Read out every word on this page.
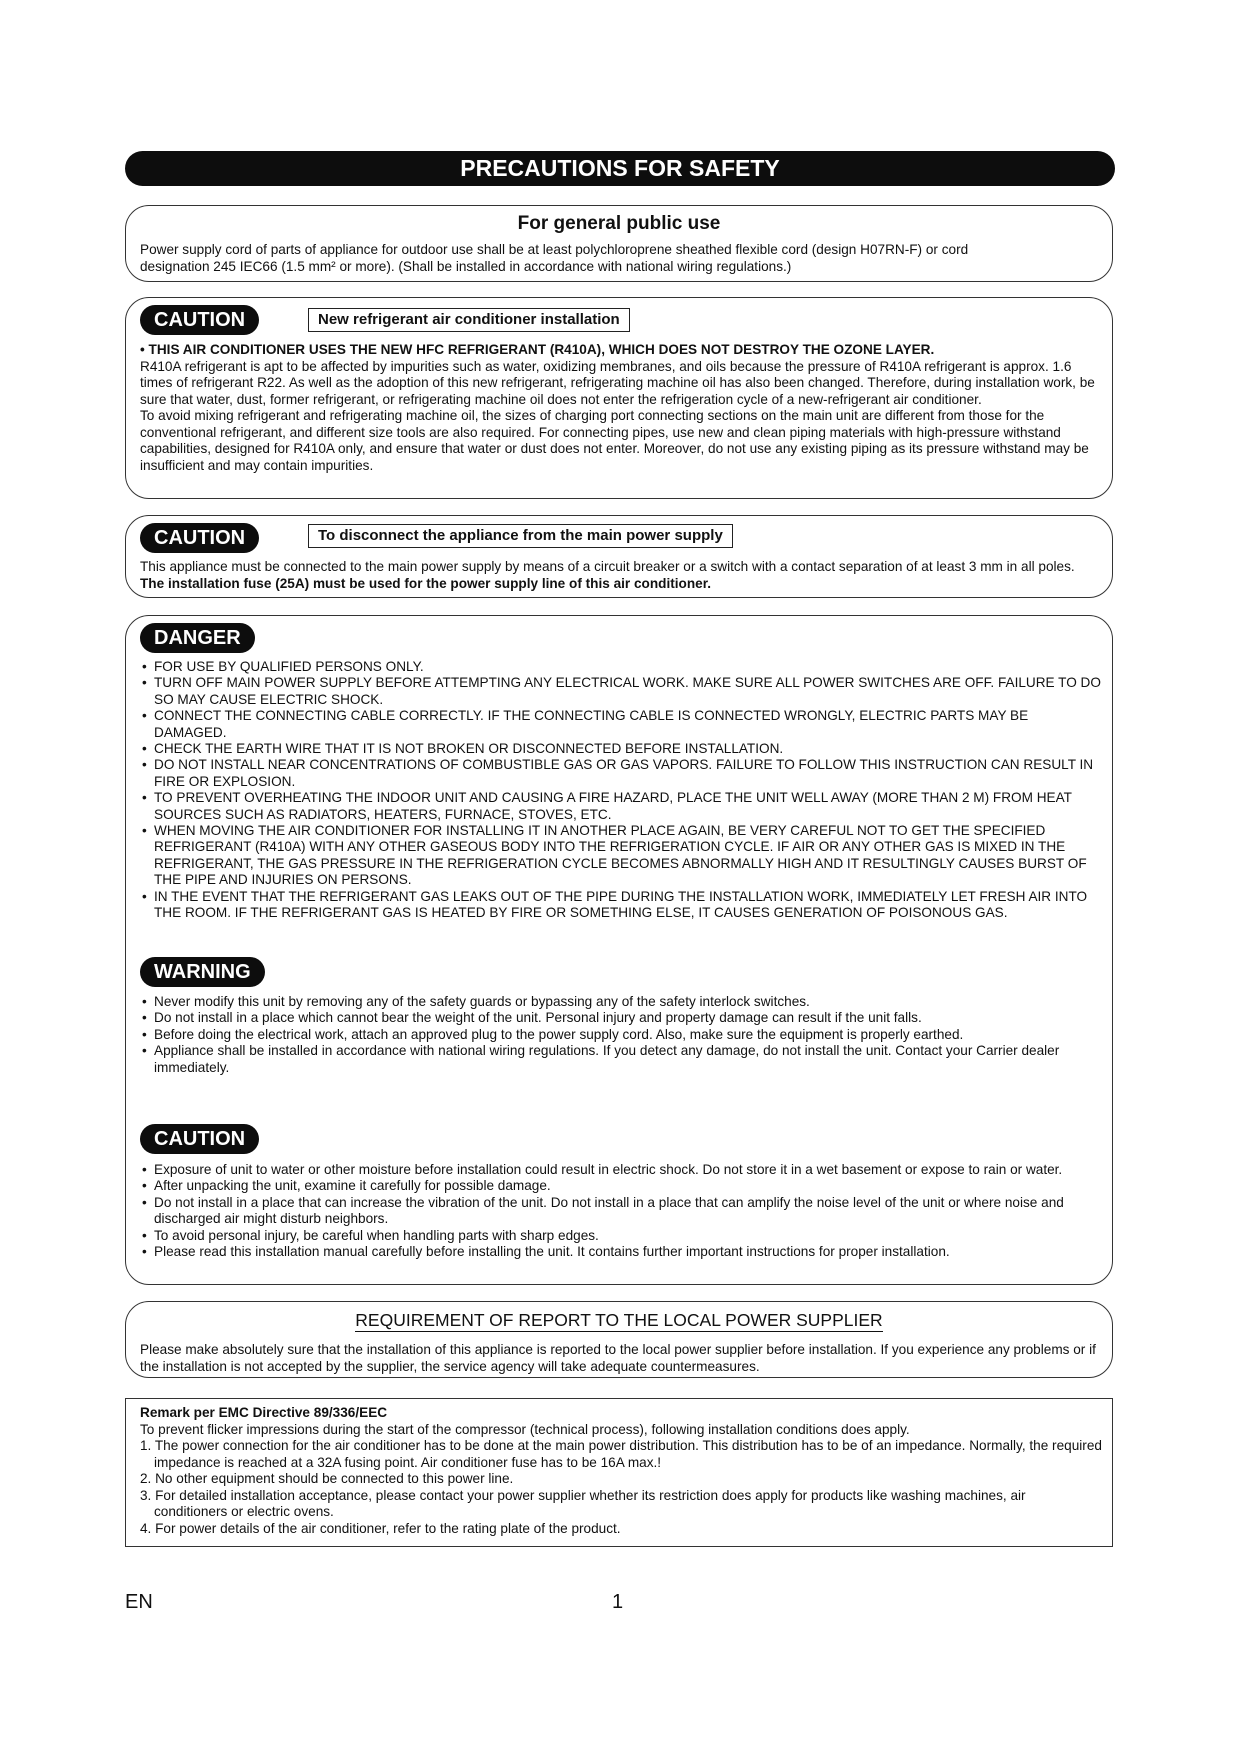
PRECAUTIONS FOR SAFETY
For general public use

Power supply cord of parts of appliance for outdoor use shall be at least polychloroprene sheathed flexible cord (design H07RN-F) or cord

designation 245 IEC66 (1.5 mm² or more). (Shall be installed in accordance with national wiring regulations.)

CAUTION	New refrigerant air conditioner installation

• THIS AIR CONDITIONER USES THE NEW HFC REFRIGERANT (R410A), WHICH DOES NOT DESTROY THE OZONE LAYER.

R410A refrigerant is apt to be affected by impurities such as water, oxidizing membranes, and oils because the pressure of R410A refrigerant is approx. 1.6 times of refrigerant R22. As well as the adoption of this new refrigerant, refrigerating machine oil has also been changed. Therefore, during installation work, be sure that water, dust, former refrigerant, or refrigerating machine oil does not enter the refrigeration cycle of a new-refrigerant air conditioner.

To avoid mixing refrigerant and refrigerating machine oil, the sizes of charging port connecting sections on the main unit are different from those for the conventional refrigerant, and different size tools are also required. For connecting pipes, use new and clean piping materials with high-pressure withstand capabilities, designed for R410A only, and ensure that water or dust does not enter. Moreover, do not use any existing piping as its pressure withstand may be insufficient and may contain impurities.

CAUTION	To disconnect the appliance from the main power supply

This appliance must be connected to the main power supply by means of a circuit breaker or a switch with a contact separation of at least 3 mm in all poles. The installation fuse (25A) must be used for the power supply line of this air conditioner.

DANGER
• FOR USE BY QUALIFIED PERSONS ONLY.
• TURN OFF MAIN POWER SUPPLY BEFORE ATTEMPTING ANY ELECTRICAL WORK. MAKE SURE ALL POWER SWITCHES ARE OFF. FAILURE TO DO SO MAY CAUSE ELECTRIC SHOCK.
• CONNECT THE CONNECTING CABLE CORRECTLY. IF THE CONNECTING CABLE IS CONNECTED WRONGLY, ELECTRIC PARTS MAY BE DAMAGED.
• CHECK THE EARTH WIRE THAT IT IS NOT BROKEN OR DISCONNECTED BEFORE INSTALLATION.
• DO NOT INSTALL NEAR CONCENTRATIONS OF COMBUSTIBLE GAS OR GAS VAPORS. FAILURE TO FOLLOW THIS INSTRUCTION CAN RESULT IN FIRE OR EXPLOSION.
• TO PREVENT OVERHEATING THE INDOOR UNIT AND CAUSING A FIRE HAZARD, PLACE THE UNIT WELL AWAY (MORE THAN 2 M) FROM HEAT SOURCES SUCH AS RADIATORS, HEATERS, FURNACE, STOVES, ETC.
• WHEN MOVING THE AIR CONDITIONER FOR INSTALLING IT IN ANOTHER PLACE AGAIN, BE VERY CAREFUL NOT TO GET THE SPECIFIED REFRIGERANT (R410A) WITH ANY OTHER GASEOUS BODY INTO THE REFRIGERATION CYCLE. IF AIR OR ANY OTHER GAS IS MIXED IN THE REFRIGERANT, THE GAS PRESSURE IN THE REFRIGERATION CYCLE BECOMES ABNORMALLY HIGH AND IT RESULTINGLY CAUSES BURST OF THE PIPE AND INJURIES ON PERSONS.
• IN THE EVENT THAT THE REFRIGERANT GAS LEAKS OUT OF THE PIPE DURING THE INSTALLATION WORK, IMMEDIATELY LET FRESH AIR INTO THE ROOM. IF THE REFRIGERANT GAS IS HEATED BY FIRE OR SOMETHING ELSE, IT CAUSES GENERATION OF POISONOUS GAS.
WARNING
• Never modify this unit by removing any of the safety guards or bypassing any of the safety interlock switches.
• Do not install in a place which cannot bear the weight of the unit. Personal injury and property damage can result if the unit falls.
• Before doing the electrical work, attach an approved plug to the power supply cord. Also, make sure the equipment is properly earthed.
• Appliance shall be installed in accordance with national wiring regulations. If you detect any damage, do not install the unit. Contact your Carrier dealer immediately.
CAUTION
• Exposure of unit to water or other moisture before installation could result in electric shock. Do not store it in a wet basement or expose to rain or water.
• After unpacking the unit, examine it carefully for possible damage.
• Do not install in a place that can increase the vibration of the unit. Do not install in a place that can amplify the noise level of the unit or where noise and discharged air might disturb neighbors.
• To avoid personal injury, be careful when handling parts with sharp edges.
• Please read this installation manual carefully before installing the unit. It contains further important instructions for proper installation.
REQUIREMENT OF REPORT TO THE LOCAL POWER SUPPLIER
Please make absolutely sure that the installation of this appliance is reported to the local power supplier before installation. If you experience any problems or if the installation is not accepted by the supplier, the service agency will take adequate countermeasures.

Remark per EMC Directive 89/336/EEC

To prevent flicker impressions during the start of the compressor (technical process), following installation conditions does apply.

1. The power connection for the air conditioner has to be done at the main power distribution. This distribution has to be of an impedance. Normally, the required impedance is reached at a 32A fusing point. Air conditioner fuse has to be 16A max.!

2. No other equipment should be connected to this power line.

3. For detailed installation acceptance, please contact your power supplier whether its restriction does apply for products like washing machines, air conditioners or electric ovens.

4. For power details of the air conditioner, refer to the rating plate of the product.

EN	1
